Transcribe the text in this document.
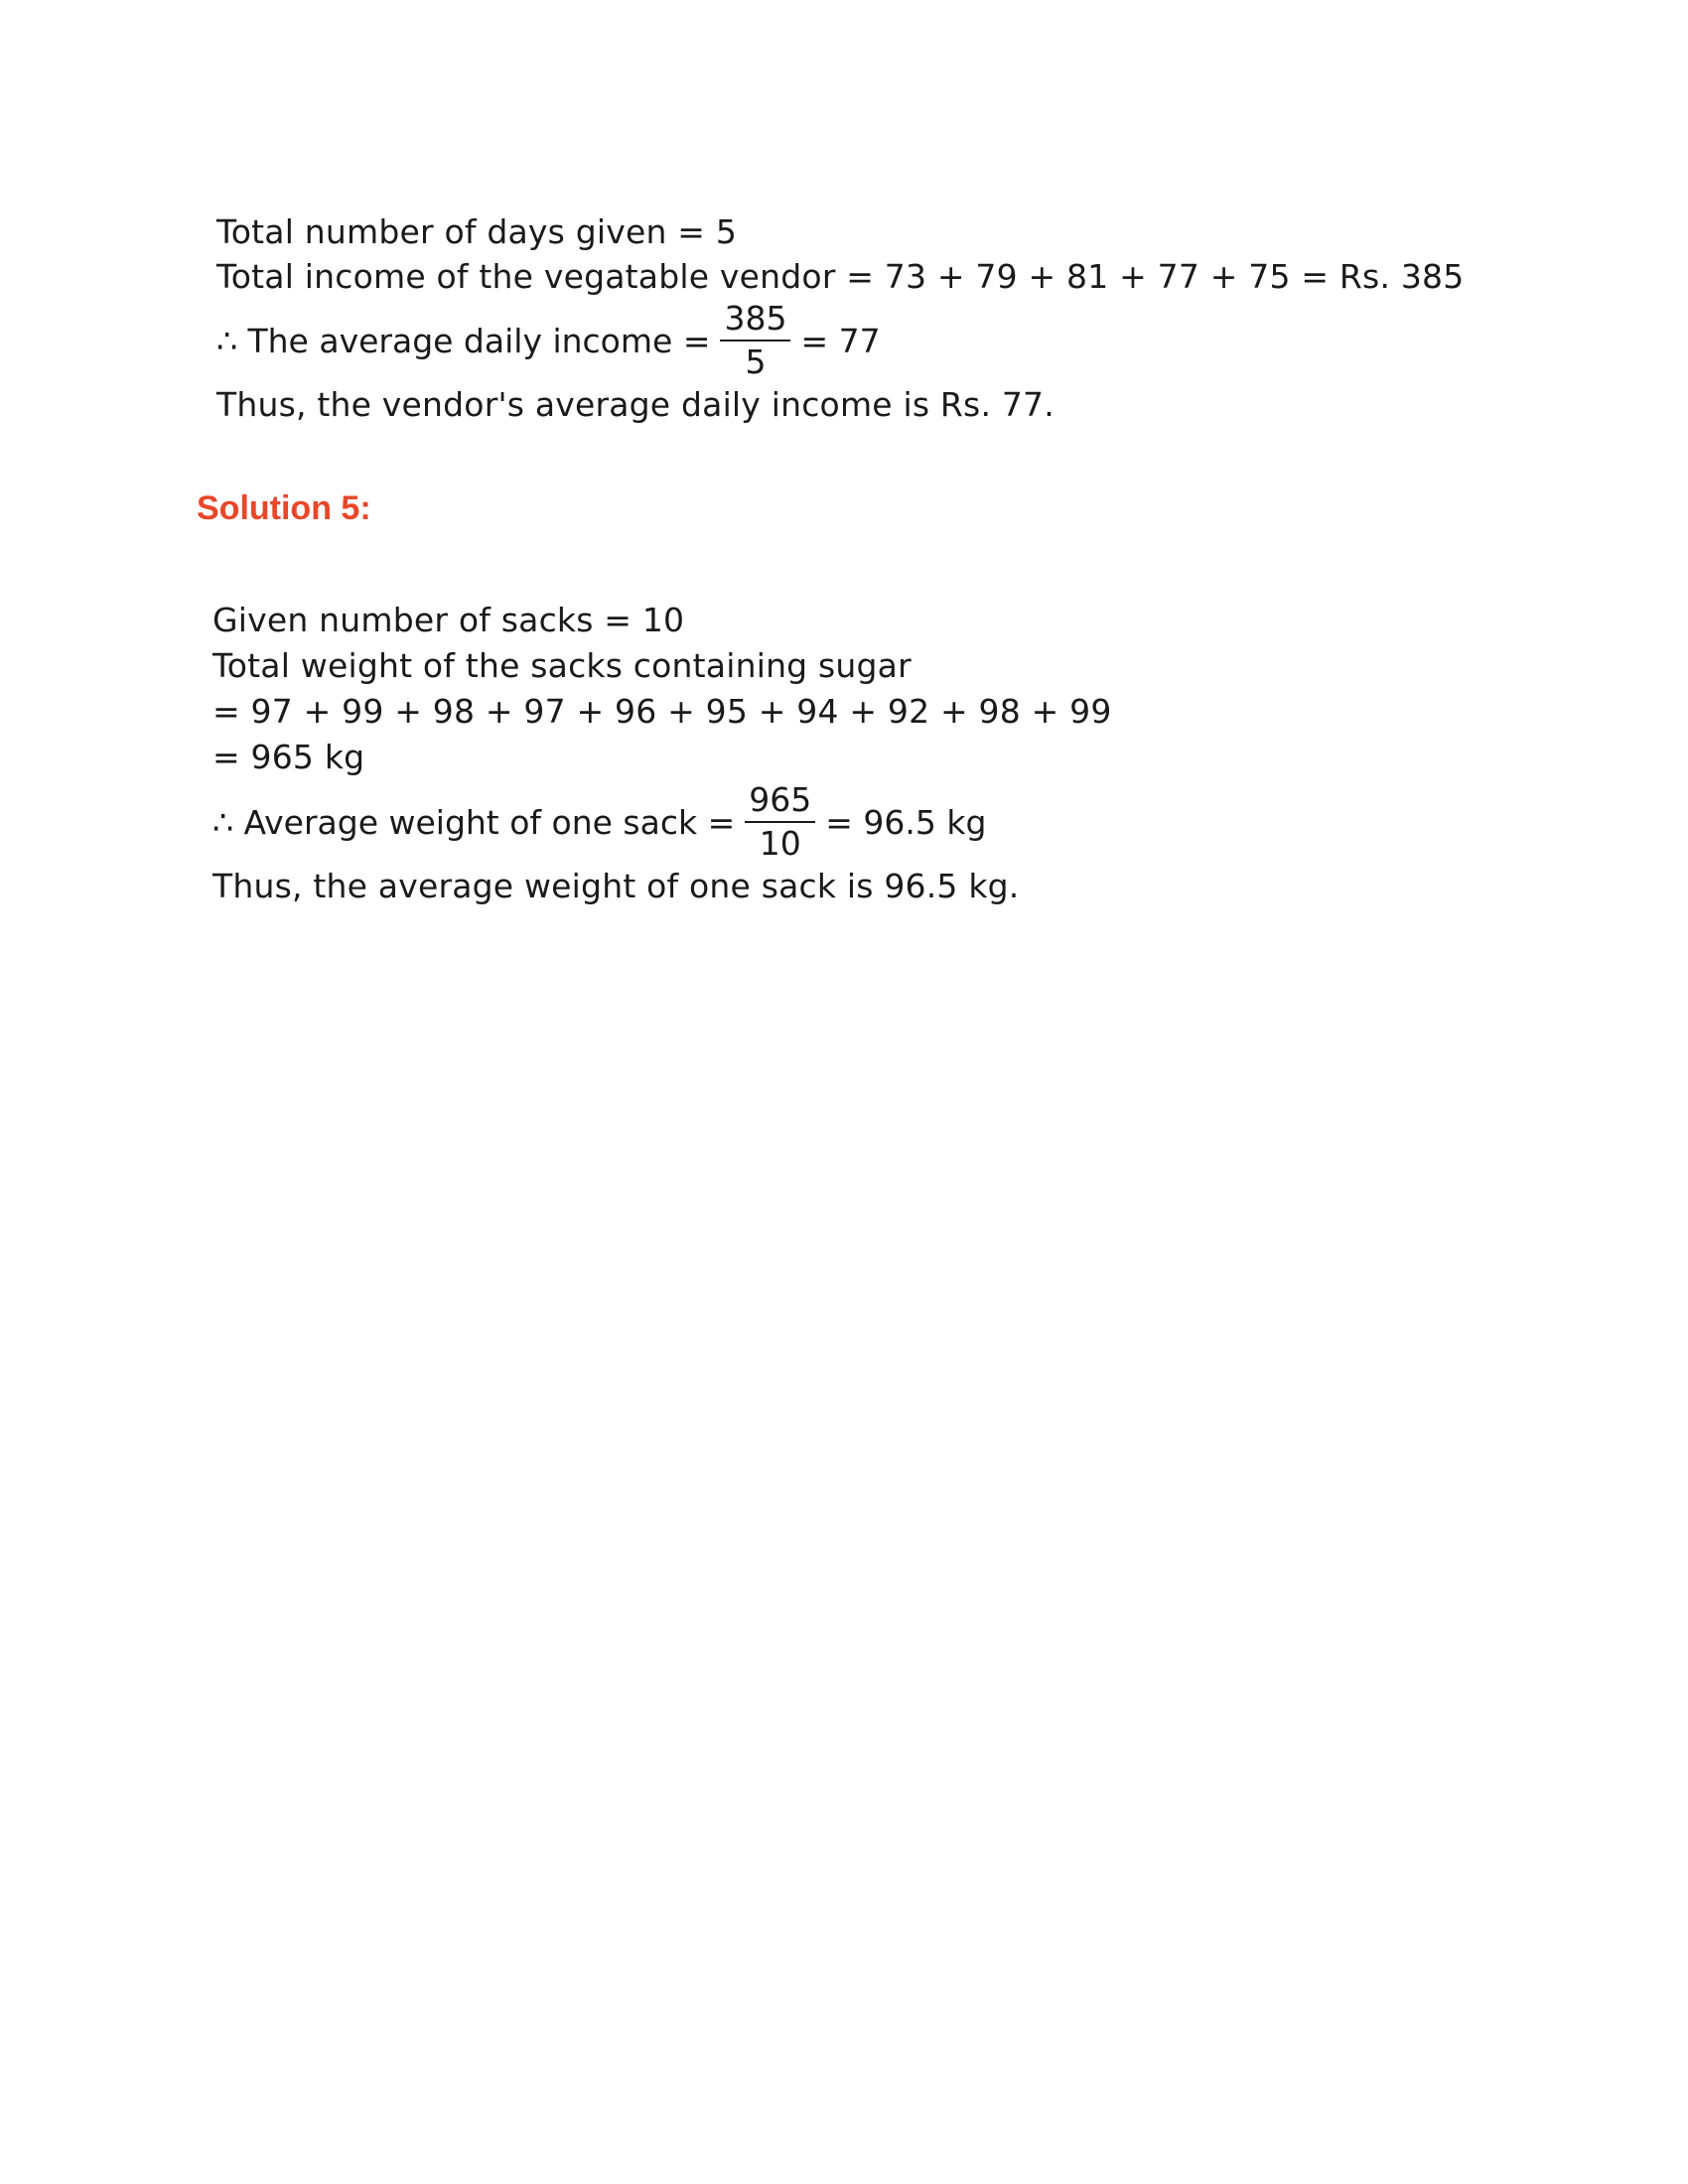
Total number of days given = 5
Total income of the vegatable vendor = 73 + 79 + 81 + 77 + 75 = Rs. 385
∴ The average daily income = $\frac{385}{5} = 77$
Thus, the vendor's average daily income is Rs. 77.
Solution 5:
Given number of sacks = 10
Total weight of the sacks containing sugar
= 97 + 99 + 98 + 97 + 96 + 95 + 94 + 92 + 98 + 99
= 965 kg
∴ Average weight of one sack = $\frac{965}{10} = 96.5$ kg
Thus, the average weight of one sack is 96.5 kg.
